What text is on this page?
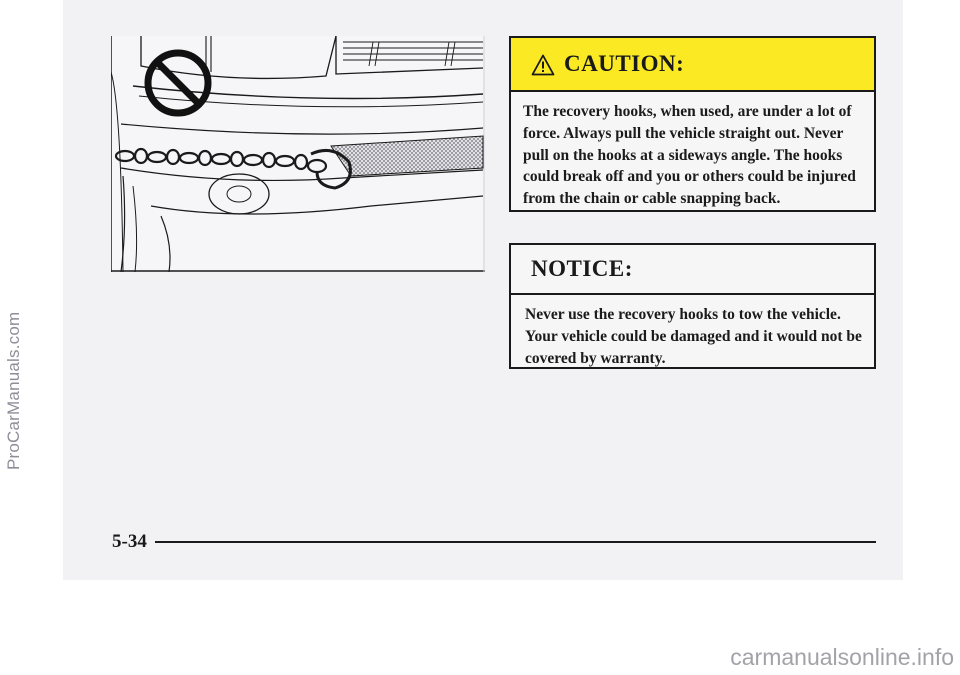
ProCarManuals.com
CAUTION:
The recovery hooks, when used, are under a lot of force. Always pull the vehicle straight out. Never pull on the hooks at a sideways angle. The hooks could break off and you or others could be injured from the chain or cable snapping back.
NOTICE:
Never use the recovery hooks to tow the vehicle. Your vehicle could be damaged and it would not be covered by warranty.
5-34
carmanualsonline.info
